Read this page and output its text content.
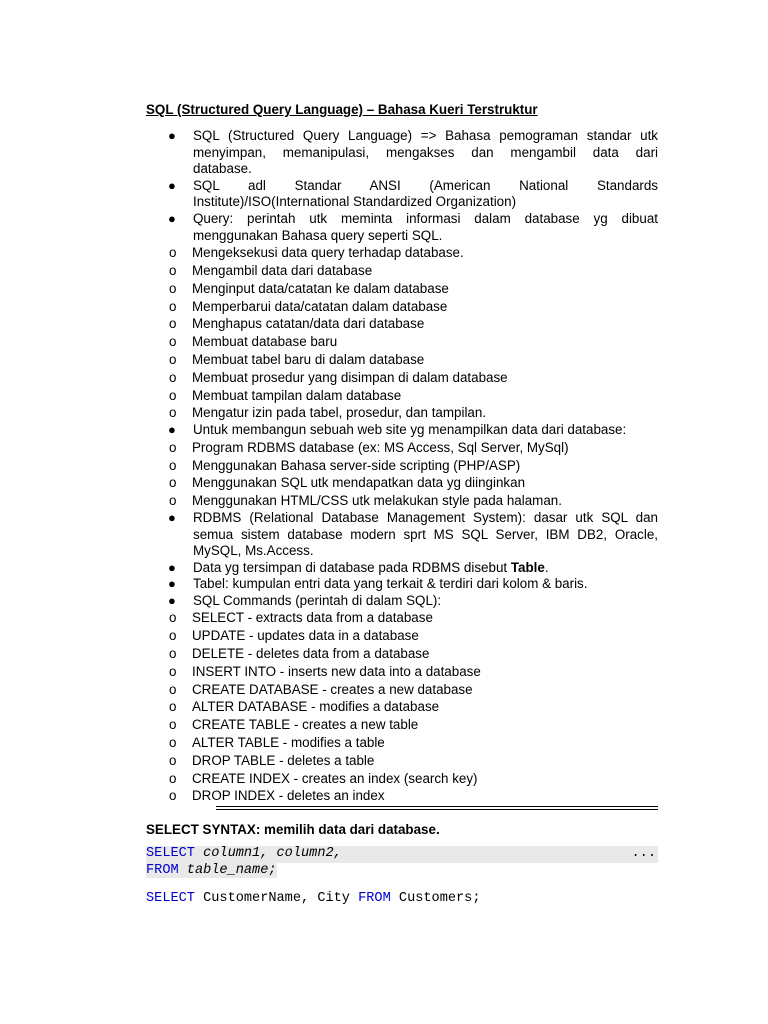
SQL (Structured Query Language) – Bahasa Kueri Terstruktur
● SQL (Structured Query Language) => Bahasa pemograman standar utk
menyimpan, memanipulasi, mengakses dan mengambil data dari
database.
● SQL adl Standar ANSI (American National Standards
Institute)/ISO(International Standardized Organization)
● Query: perintah utk meminta informasi dalam database yg dibuat
menggunakan Bahasa query seperti SQL.
o Mengeksekusi data query terhadap database.
o Mengambil data dari database
o Menginput data/catatan ke dalam database
o Memperbarui data/catatan dalam database
o Menghapus catatan/data dari database
o Membuat database baru
o Membuat tabel baru di dalam database
o Membuat prosedur yang disimpan di dalam database
o Membuat tampilan dalam database
o Mengatur izin pada tabel, prosedur, dan tampilan.
● Untuk membangun sebuah web site yg menampilkan data dari database:
o Program RDBMS database (ex: MS Access, Sql Server, MySql)
o Menggunakan Bahasa server-side scripting (PHP/ASP)
o Menggunakan SQL utk mendapatkan data yg diinginkan
o Menggunakan HTML/CSS utk melakukan style pada halaman.
● RDBMS (Relational Database Management System): dasar utk SQL dan
semua sistem database modern sprt MS SQL Server, IBM DB2, Oracle,
MySQL, Ms.Access.
● Data yg tersimpan di database pada RDBMS disebut Table.
● Tabel: kumpulan entri data yang terkait & terdiri dari kolom & baris.
● SQL Commands (perintah di dalam SQL):
o SELECT - extracts data from a database
o UPDATE - updates data in a database
o DELETE - deletes data from a database
o INSERT INTO - inserts new data into a database
o CREATE DATABASE - creates a new database
o ALTER DATABASE - modifies a database
o CREATE TABLE - creates a new table
o ALTER TABLE - modifies a table
o DROP TABLE - deletes a table
o CREATE INDEX - creates an index (search key)
o DROP INDEX - deletes an index
SELECT SYNTAX: memilih data dari database.
SELECT column1, column2,	...
FROM table_name;
SELECT CustomerName, City FROM Customers;
